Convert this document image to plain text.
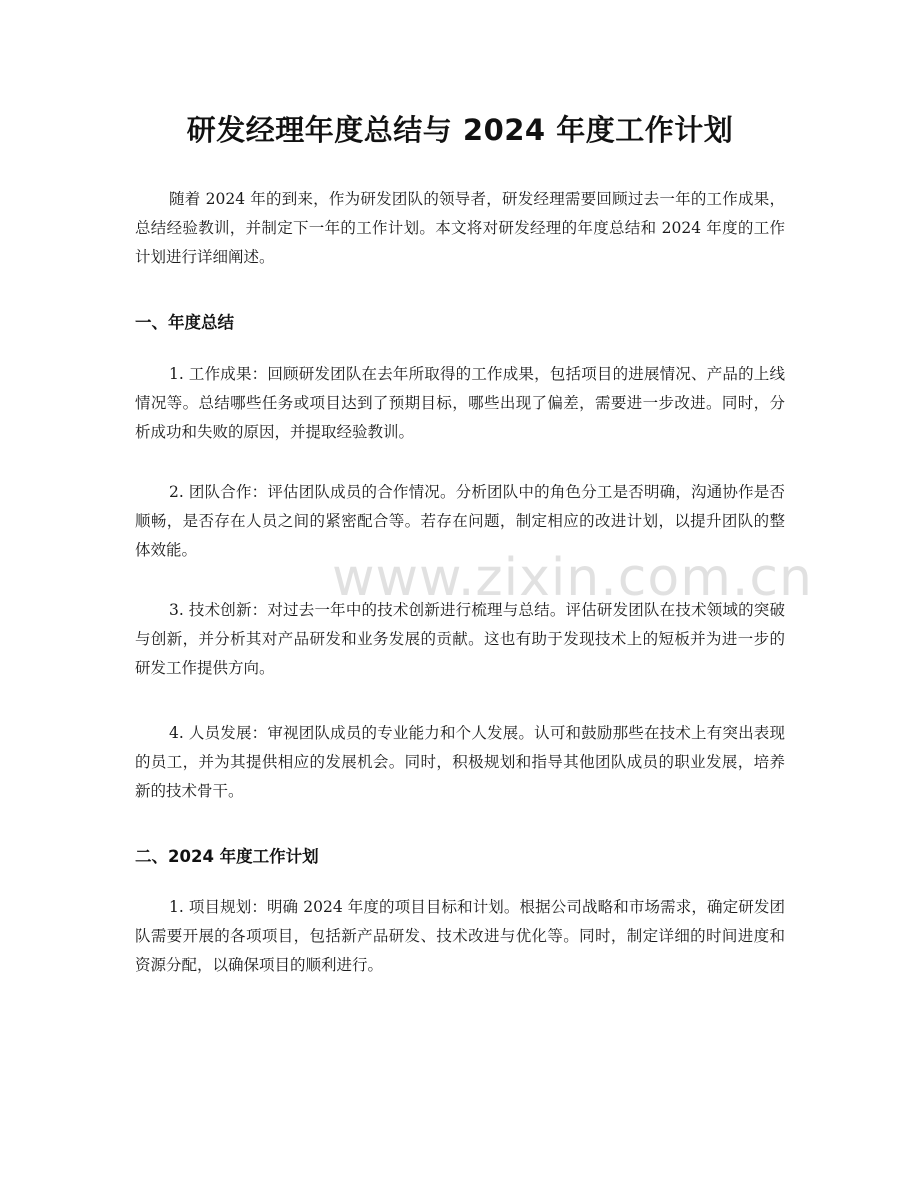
研发经理年度总结与 2024 年度工作计划

随着 2024 年的到来，作为研发团队的领导者，研发经理需要回顾过去一年的工作成果，总结经验教训，并制定下一年的工作计划。本文将对研发经理的年度总结和 2024 年度的工作计划进行详细阐述。

一、年度总结

1. 工作成果：回顾研发团队在去年所取得的工作成果，包括项目的进展情况、产品的上线情况等。总结哪些任务或项目达到了预期目标，哪些出现了偏差，需要进一步改进。同时，分析成功和失败的原因，并提取经验教训。

2. 团队合作：评估团队成员的合作情况。分析团队中的角色分工是否明确，沟通协作是否顺畅，是否存在人员之间的紧密配合等。若存在问题，制定相应的改进计划，以提升团队的整体效能。

3. 技术创新：对过去一年中的技术创新进行梳理与总结。评估研发团队在技术领域的突破与创新，并分析其对产品研发和业务发展的贡献。这也有助于发现技术上的短板并为进一步的研发工作提供方向。

4. 人员发展：审视团队成员的专业能力和个人发展。认可和鼓励那些在技术上有突出表现的员工，并为其提供相应的发展机会。同时，积极规划和指导其他团队成员的职业发展，培养新的技术骨干。

二、2024 年度工作计划

1. 项目规划：明确 2024 年度的项目目标和计划。根据公司战略和市场需求，确定研发团队需要开展的各项项目，包括新产品研发、技术改进与优化等。同时，制定详细的时间进度和资源分配，以确保项目的顺利进行。

www.zixin.com.cn
